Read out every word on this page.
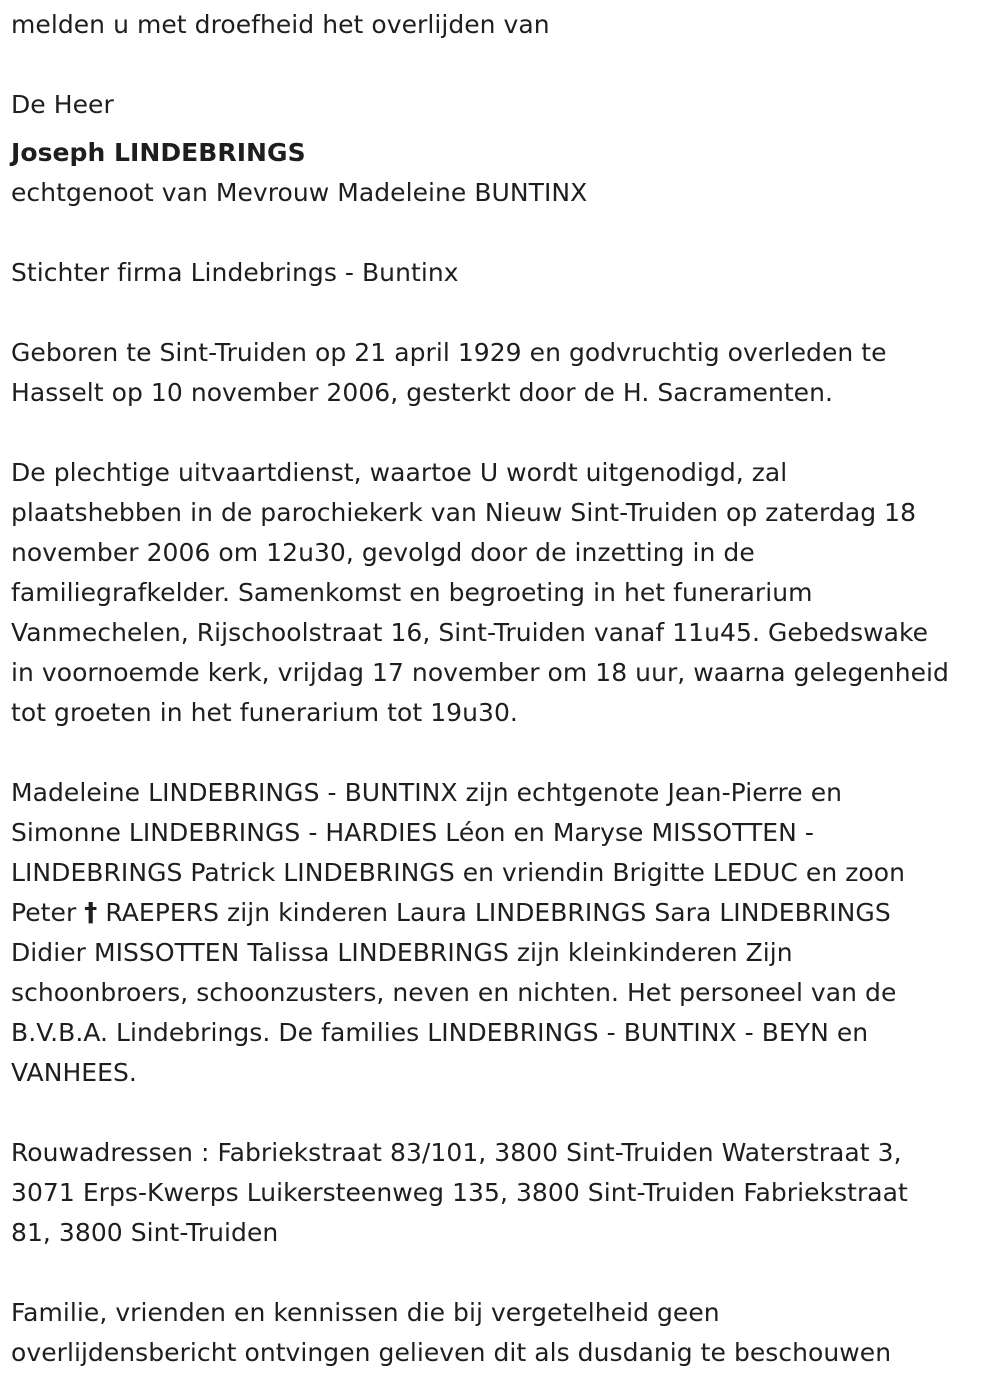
melden u met droefheid het overlijden van
De Heer
Joseph LINDEBRINGS
echtgenoot van Mevrouw Madeleine BUNTINX
Stichter firma Lindebrings - Buntinx
Geboren te Sint-Truiden op 21 april 1929 en godvruchtig overleden te
Hasselt op 10 november 2006, gesterkt door de H. Sacramenten.
De plechtige uitvaartdienst, waartoe U wordt uitgenodigd, zal
plaatshebben in de parochiekerk van Nieuw Sint-Truiden op zaterdag 18
november 2006 om 12u30, gevolgd door de inzetting in de
familiegrafkelder. Samenkomst en begroeting in het funerarium
Vanmechelen, Rijschoolstraat 16, Sint-Truiden vanaf 11u45. Gebedswake
in voornoemde kerk, vrijdag 17 november om 18 uur, waarna gelegenheid
tot groeten in het funerarium tot 19u30.
Madeleine LINDEBRINGS - BUNTINX zijn echtgenote Jean-Pierre en
Simonne LINDEBRINGS - HARDIES Léon en Maryse MISSOTTEN -
LINDEBRINGS Patrick LINDEBRINGS en vriendin Brigitte LEDUC en zoon
Peter † RAEPERS zijn kinderen Laura LINDEBRINGS Sara LINDEBRINGS
Didier MISSOTTEN Talissa LINDEBRINGS zijn kleinkinderen Zijn
schoonbroers, schoonzusters, neven en nichten. Het personeel van de
B.V.B.A. Lindebrings. De families LINDEBRINGS - BUNTINX - BEYN en
VANHEES.
Rouwadressen : Fabriekstraat 83/101, 3800 Sint-Truiden Waterstraat 3,
3071 Erps-Kwerps Luikersteenweg 135, 3800 Sint-Truiden Fabriekstraat
81, 3800 Sint-Truiden
Familie, vrienden en kennissen die bij vergetelheid geen
overlijdensbericht ontvingen gelieven dit als dusdanig te beschouwen
